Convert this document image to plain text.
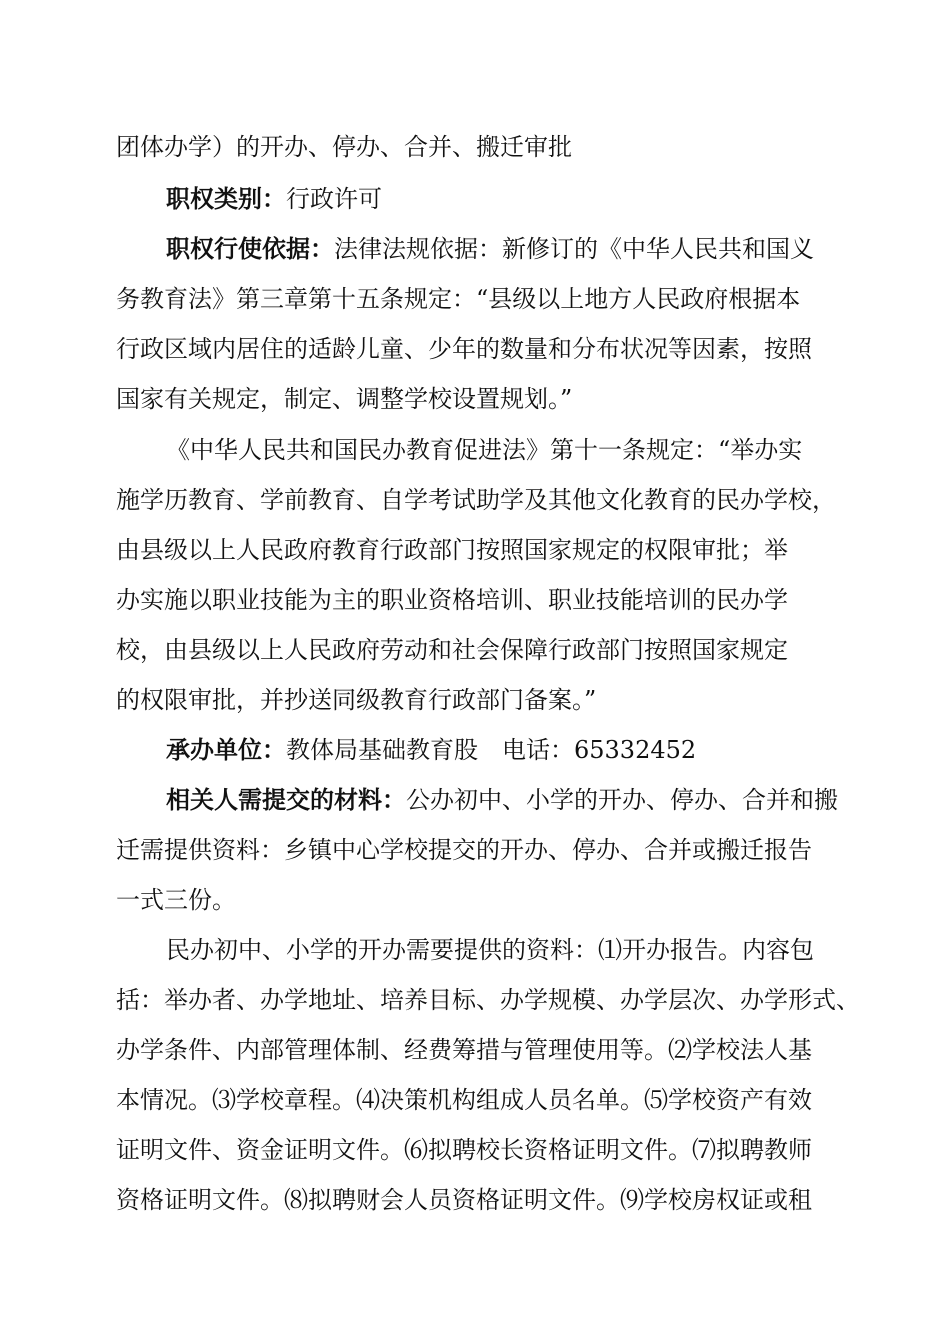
团体办学）的开办、停办、合并、搬迁审批

职权类别：行政许可

职权行使依据：法律法规依据：新修订的《中华人民共和国义

务教育法》第三章第十五条规定：“县级以上地方人民政府根据本

行政区域内居住的适龄儿童、少年的数量和分布状况等因素，按照

国家有关规定，制定、调整学校设置规划。”

《中华人民共和国民办教育促进法》第十一条规定：“举办实

施学历教育、学前教育、自学考试助学及其他文化教育的民办学校，

由县级以上人民政府教育行政部门按照国家规定的权限审批；举

办实施以职业技能为主的职业资格培训、职业技能培训的民办学

校，由县级以上人民政府劳动和社会保障行政部门按照国家规定

的权限审批，并抄送同级教育行政部门备案。”

承办单位：教体局基础教育股　电话：65332452

相关人需提交的材料：公办初中、小学的开办、停办、合并和搬

迁需提供资料：乡镇中心学校提交的开办、停办、合并或搬迁报告

一式三份。

民办初中、小学的开办需要提供的资料：⑴开办报告。内容包

括：举办者、办学地址、培养目标、办学规模、办学层次、办学形式、

办学条件、内部管理体制、经费筹措与管理使用等。⑵学校法人基

本情况。⑶学校章程。⑷决策机构组成人员名单。⑸学校资产有效

证明文件、资金证明文件。⑹拟聘校长资格证明文件。⑺拟聘教师

资格证明文件。⑻拟聘财会人员资格证明文件。⑼学校房权证或租
